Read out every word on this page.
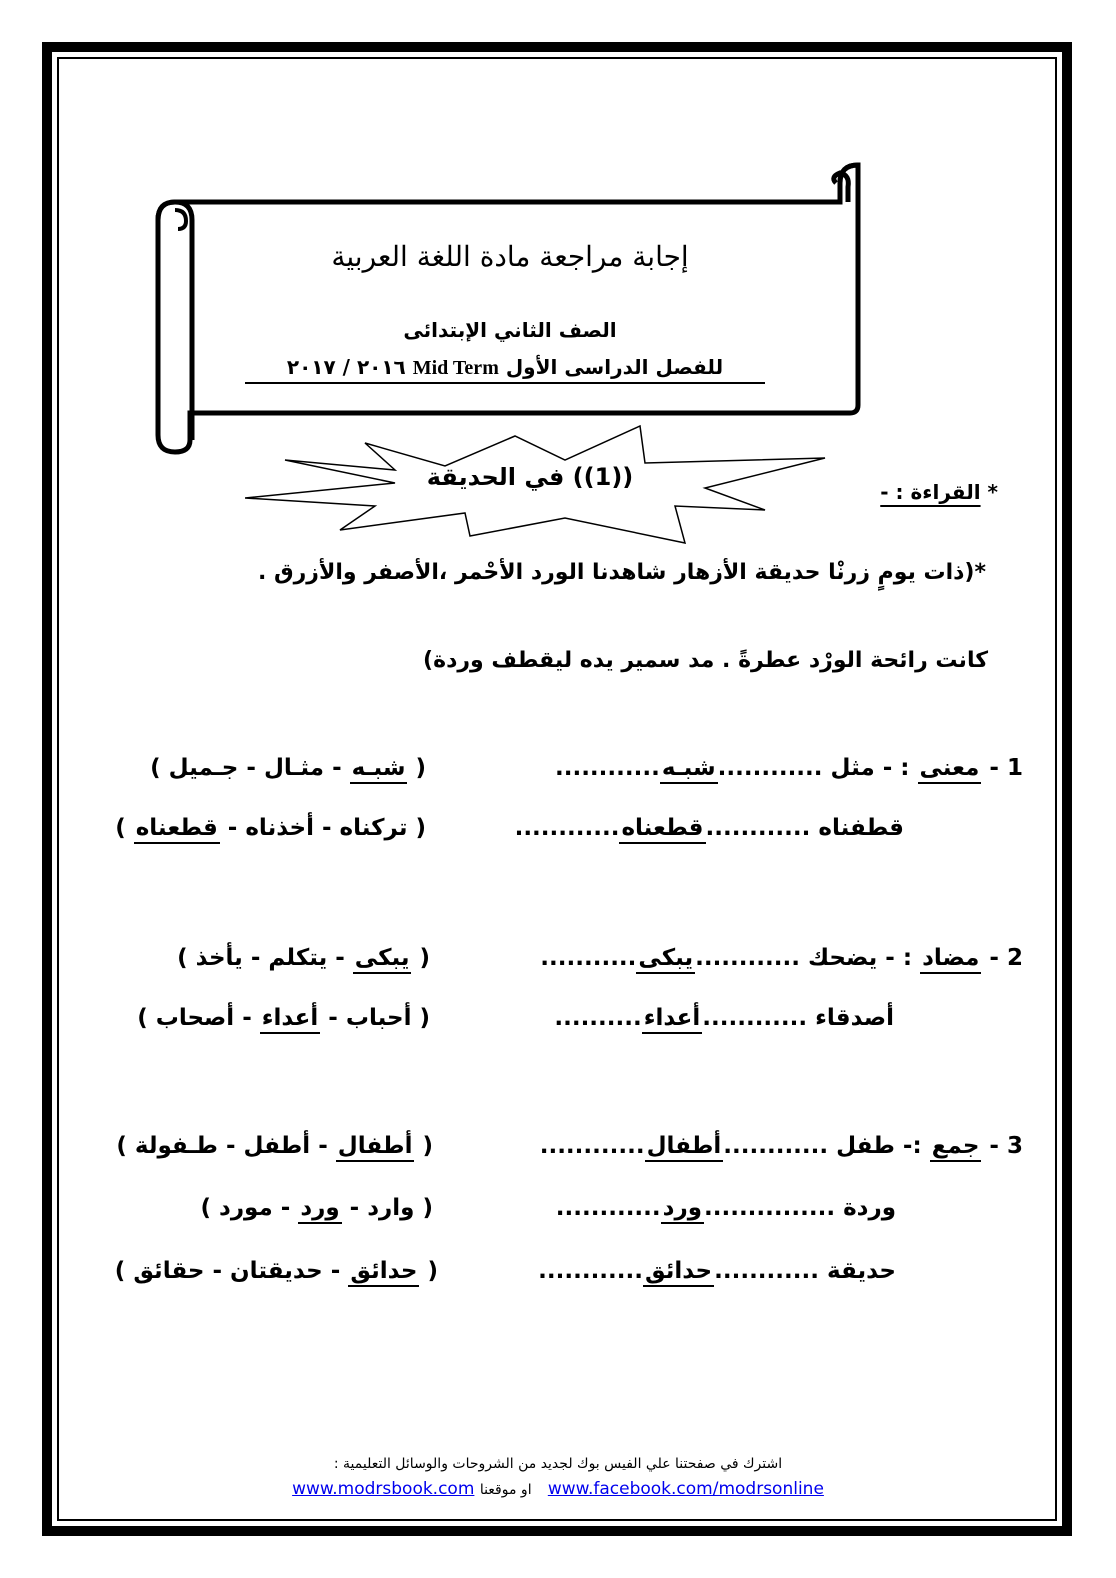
إجابة مراجعة مادة اللغة العربية
الصف الثاني الإبتدائى
للفصل الدراسى الأول Mid Term ٢٠١٦ / ٢٠١٧
((1)) في الحديقة
* القراءة : -
*(ذات يومٍ زرنْا حديقة الأزهار شاهدنا الورد الأحْمر ،الأصفر والأزرق .
كانت رائحة الورْد عطرةً . مد سمير يده ليقطف وردة)
1 - معنى : - مثل ............شبـه............
( شبـه - مثـال - جـميل )
قطفناه ............قطعناه............
( تركناه - أخذناه - قطعناه )
2 - مضاد : - يضحك ............يبكى...........
( يبكى - يتكلم - يأخذ )
أصدقاء ............أعداء..........
( أحباب - أعداء - أصحاب )
3 - جمع :- طفل ............أطفال............
( أطفال - أطفل - طـفولة )
وردة ...............ورد............
( وارد - ورد - مورد )
حديقة ............حدائق............
( حدائق - حديقتان - حقائق )
اشترك في صفحتنا علي الفيس بوك لجديد من الشروحات والوسائل التعليمية :
www.modrsbook.com او موقعنا www.facebook.com/modrsonline
